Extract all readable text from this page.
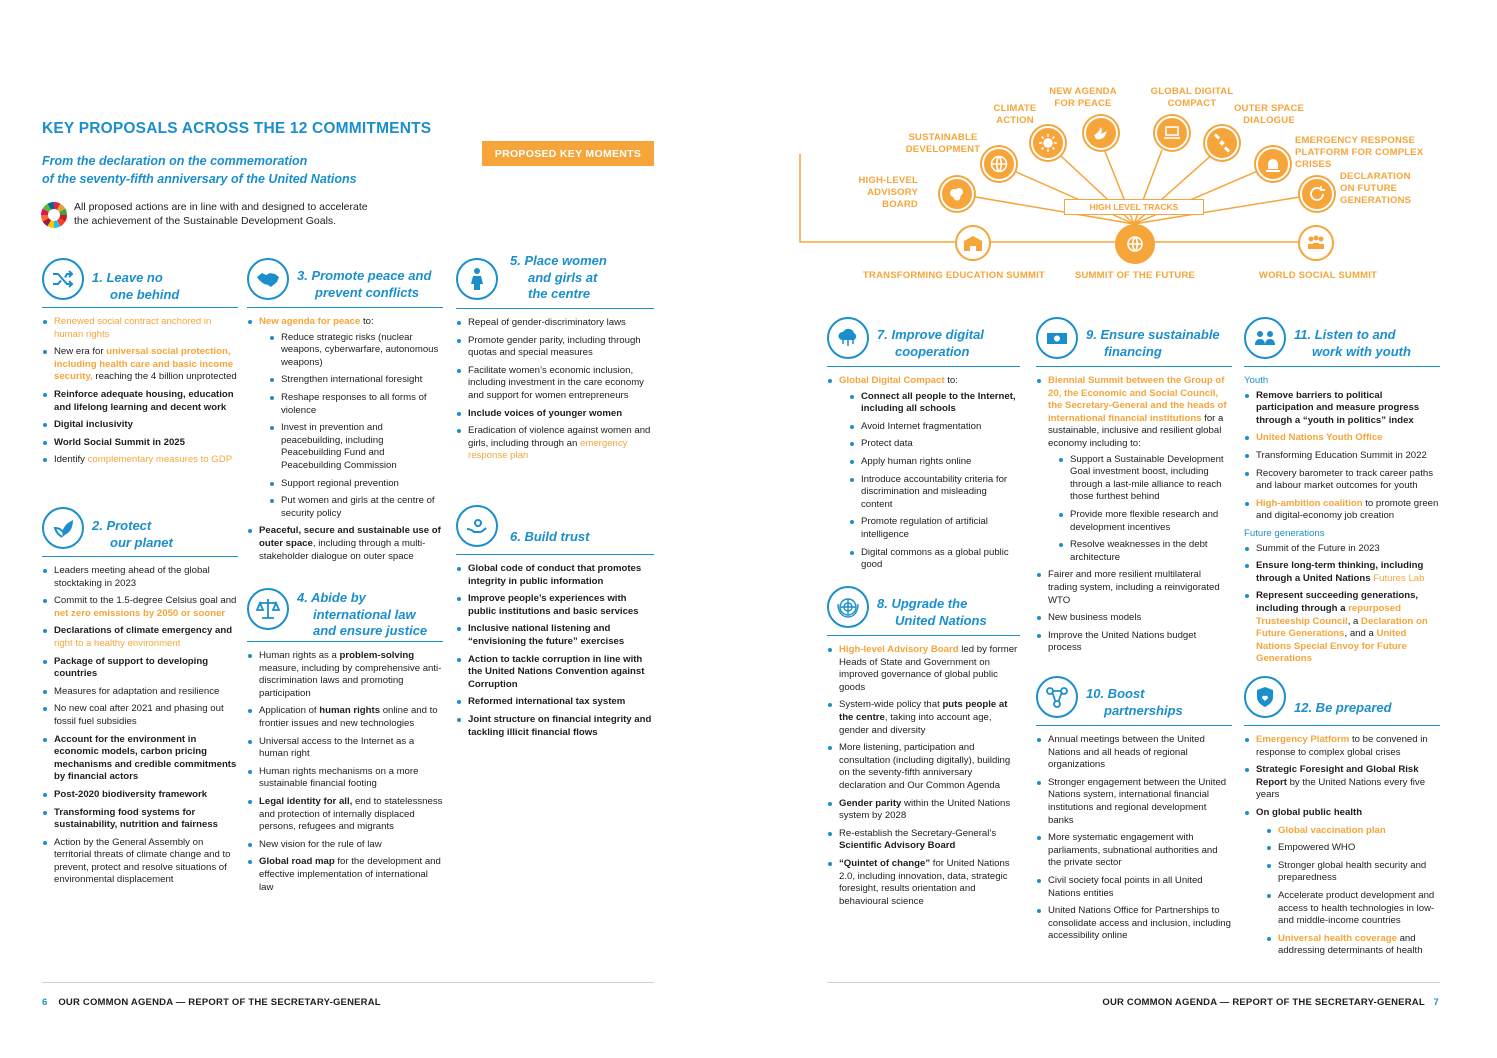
KEY PROPOSALS ACROSS THE 12 COMMITMENTS
From the declaration on the commemoration
of the seventy-fifth anniversary of the United Nations
All proposed actions are in line with and designed to accelerate
the achievement of the Sustainable Development Goals.
PROPOSED KEY MOMENTS
1. Leave no
one behind
Renewed social contract anchored in human rights
New era for universal social protection, including health care and basic income security, reaching the 4 billion unprotected
Reinforce adequate housing, education and lifelong learning and decent work
Digital inclusivity
World Social Summit in 2025
Identify complementary measures to GDP
2. Protect
our planet
Leaders meeting ahead of the global stocktaking in 2023
Commit to the 1.5-degree Celsius goal and net zero emissions by 2050 or sooner
Declarations of climate emergency and right to a healthy environment
Package of support to developing countries
Measures for adaptation and resilience
No new coal after 2021 and phasing out fossil fuel subsidies
Account for the environment in economic models, carbon pricing mechanisms and credible commitments by financial actors
Post-2020 biodiversity framework
Transforming food systems for sustainability, nutrition and fairness
Action by the General Assembly on territorial threats of climate change and to prevent, protect and resolve situations of environmental displacement
3. Promote peace and
prevent conflicts
New agenda for peace to:
Reduce strategic risks (nuclear weapons, cyberwarfare, autonomous weapons)
Strengthen international foresight
Reshape responses to all forms of violence
Invest in prevention and peacebuilding, including Peacebuilding Fund and Peacebuilding Commission
Support regional prevention
Put women and girls at the centre of security policy
Peaceful, secure and sustainable use of outer space, including through a multi-stakeholder dialogue on outer space
4. Abide by
international law
and ensure justice
Human rights as a problem-solving measure, including by comprehensive anti-discrimination laws and promoting participation
Application of human rights online and to frontier issues and new technologies
Universal access to the Internet as a human right
Human rights mechanisms on a more sustainable financial footing
Legal identity for all, end to statelessness and protection of internally displaced persons, refugees and migrants
New vision for the rule of law
Global road map for the development and effective implementation of international law
5. Place women
and girls at
the centre
Repeal of gender-discriminatory laws
Promote gender parity, including through quotas and special measures
Facilitate women’s economic inclusion, including investment in the care economy and support for women entrepreneurs
Include voices of younger women
Eradication of violence against women and girls, including through an emergency response plan
6. Build trust
Global code of conduct that promotes integrity in public information
Improve people’s experiences with public institutions and basic services
Inclusive national listening and “envisioning the future” exercises
Action to tackle corruption in line with the United Nations Convention against Corruption
Reformed international tax system
Joint structure on financial integrity and tackling illicit financial flows
6 OUR COMMON AGENDA — REPORT OF THE SECRETARY-GENERAL
HIGH LEVEL TRACKS
HIGH-LEVEL
ADVISORY BOARD
SUSTAINABLE
DEVELOPMENT
CLIMATE
ACTION
NEW AGENDA
FOR PEACE
GLOBAL DIGITAL
COMPACT	OUTER SPACE
DIALOGUE
EMERGENCY RESPONSE
PLATFORM FOR COMPLEX CRISES
DECLARATION
ON FUTURE
GENERATIONS
TRANSFORMING EDUCATION SUMMIT	SUMMIT OF THE FUTURE	WORLD SOCIAL SUMMIT
7. Improve digital
cooperation
Global Digital Compact to:
Connect all people to the Internet, including all schools
Avoid Internet fragmentation
Protect data
Apply human rights online
Introduce accountability criteria for discrimination and misleading content
Promote regulation of artificial intelligence
Digital commons as a global public good
8. Upgrade the
United Nations
High-level Advisory Board led by former Heads of State and Government on improved governance of global public goods
System-wide policy that puts people at the centre, taking into account age, gender and diversity
More listening, participation and consultation (including digitally), building on the seventy-fifth anniversary declaration and Our Common Agenda
Gender parity within the United Nations system by 2028
Re-establish the Secretary-General’s Scientific Advisory Board
“Quintet of change” for United Nations 2.0, including innovation, data, strategic foresight, results orientation and behavioural science
9. Ensure sustainable
financing
Biennial Summit between the Group of 20, the Economic and Social Council, the Secretary-General and the heads of international financial institutions for a sustainable, inclusive and resilient global economy including to:
Support a Sustainable Development Goal investment boost, including through a last-mile alliance to reach those furthest behind
Provide more flexible research and development incentives
Resolve weaknesses in the debt architecture
Fairer and more resilient multilateral trading system, including a reinvigorated WTO
New business models
Improve the United Nations budget process
10. Boost
partnerships
Annual meetings between the United Nations and all heads of regional organizations
Stronger engagement between the United Nations system, international financial institutions and regional development banks
More systematic engagement with parliaments, subnational authorities and the private sector
Civil society focal points in all United Nations entities
United Nations Office for Partnerships to consolidate access and inclusion, including accessibility online
11. Listen to and
work with youth
Youth
Remove barriers to political participation and measure progress through a “youth in politics” index
United Nations Youth Office
Transforming Education Summit in 2022
Recovery barometer to track career paths and labour market outcomes for youth
High-ambition coalition to promote green and digital-economy job creation
Future generations
Summit of the Future in 2023
Ensure long-term thinking, including through a United Nations Futures Lab
Represent succeeding generations, including through a repurposed Trusteeship Council, a Declaration on Future Generations, and a United Nations Special Envoy for Future Generations
12. Be prepared
Emergency Platform to be convened in response to complex global crises
Strategic Foresight and Global Risk Report by the United Nations every five years
On global public health
Global vaccination plan
Empowered WHO
Stronger global health security and preparedness
Accelerate product development and access to health technologies in low- and middle-income countries
Universal health coverage and addressing determinants of health
OUR COMMON AGENDA — REPORT OF THE SECRETARY-GENERAL 7
